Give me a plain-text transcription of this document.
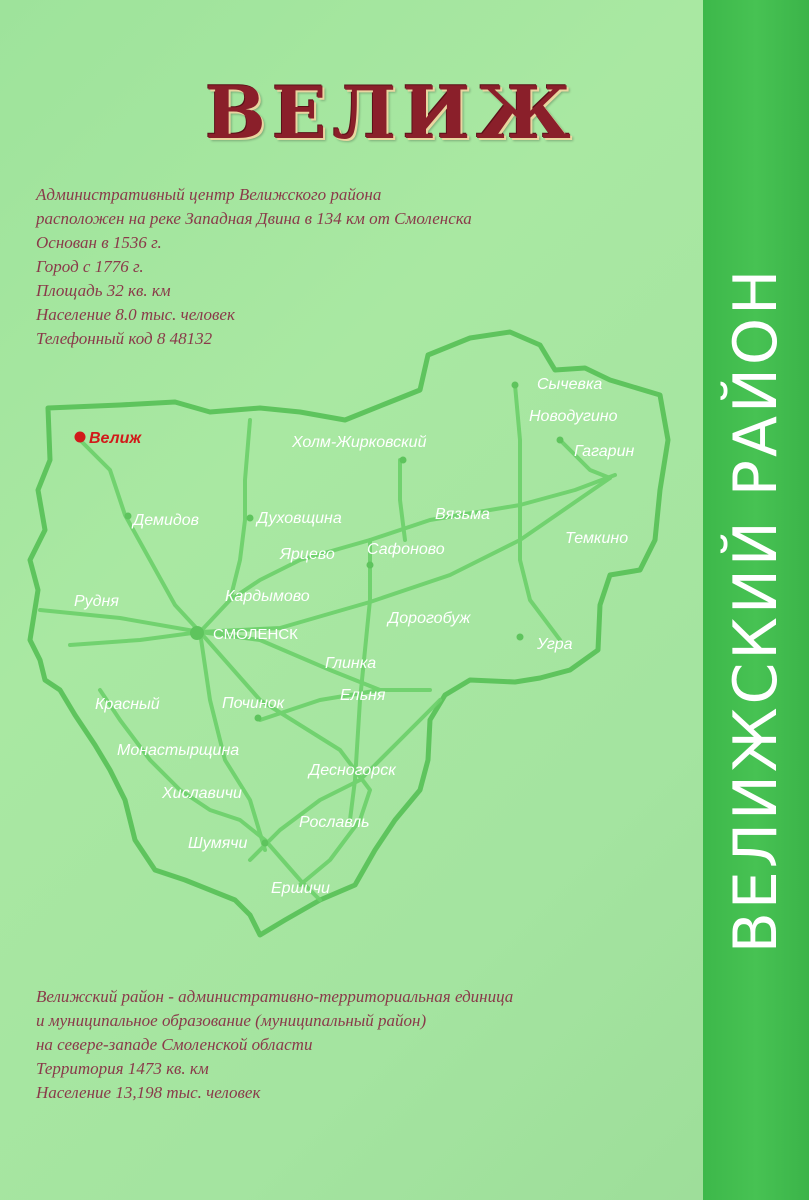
ВЕЛИЖ
Административный центр Велижского района
расположен на реке Западная Двина в 134 км от Смоленска
Основан в 1536 г.
Город с 1776 г.
Площадь 32 кв. км
Население 8.0 тыс. человек
Телефонный код 8 48132
Велиж
Демидов
Рудня
Духовщина
Холм-Жирковский
Ярцево Сафоново
Вязьма
Сычевка
Новодугино
Гагарин
Темкино
Кардымово
СМОЛЕНСК
Дорогобуж
Угра
Глинка
Ельня
Красный	Починок
Монастырщина
Десногорск
Хиславичи
Рославль
Шумячи
Ершичи
Велижский район - административно-территориальная единица
и муниципальное образование (муниципальный район)
на севере-западе Смоленской области
Территория 1473 кв. км
Население 13,198 тыс. человек
ВЕЛИЖСКИЙ РАЙОН
